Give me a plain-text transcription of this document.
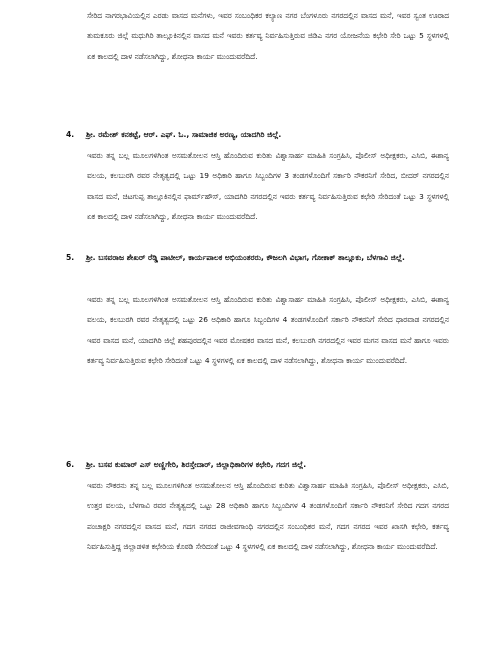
ಸೇರಿದ ನಾಗರಭಾವಿಯಲ್ಲಿನ ಎರಡು ವಾಸದ ಮನೆಗಳು, ಇವರ ಸಂಬಂಧಿಕರ ಕಲ್ಯಾಣ ನಗರ ಬೆಂಗಳೂರು ನಗರದಲ್ಲಿನ ವಾಸದ ಮನೆ, ಇವರ ಸ್ವಂತ ಊರಾದ ತುಮಕೂರು ಜಿಲ್ಲೆ ಮಧುಗಿರಿ ತಾಲ್ಲೂಕಿನಲ್ಲಿನ ವಾಸದ ಮನೆ ಇವರು ಕರ್ತವ್ಯ ನಿರ್ವಹಿಸುತ್ತಿರುವ ಜಿಡಿಎ ನಗರ ಯೋಜನೆಯ ಕಛೇರಿ ಸೇರಿ ಒಟ್ಟು 5 ಸ್ಥಳಗಳಲ್ಲಿ ಏಕ ಕಾಲದಲ್ಲಿ ದಾಳ ನಡೆಸಲಾಗಿದ್ದು, ಶೋಧನಾ ಕಾರ್ಯ ಮುಂದುವರೆದಿದೆ.

4. ಶ್ರೀ. ರಮೇಶ್ ಕನಕಟ್ಟೆ, ಆರ್. ಎಫ್. ಓ., ಸಾಮಾಜಿಕ ಅರಣ್ಯ, ಯಾದಗಿರಿ ಜಿಲ್ಲೆ.

ಇವರು ತನ್ನ ಬಲ್ಲ ಮೂಲಗಳಿಗಿಂತ ಅಸಮತೋಲನ ಆಸ್ತಿ ಹೊಂದಿರುವ ಕುರಿತು ವಿಶ್ವಾಸಾರ್ಹ ಮಾಹಿತಿ ಸಂಗ್ರಹಿಸಿ, ಪೊಲೀಸ್ ಅಧೀಕ್ಷಕರು, ಎಸಿಬಿ, ಈಶಾನ್ಯ ವಲಯ, ಕಲಬುರಗಿ ರವರ ನೇತೃತ್ವದಲ್ಲಿ ಒಟ್ಟು 19 ಅಧಿಕಾರಿ ಹಾಗೂ ಸಿಬ್ಬಂದಿಗಳ 3 ತಂಡಗಳೊಂದಿಗೆ ಸರ್ಕಾರಿ ನೌಕರನಿಗೆ ಸೇರಿದ, ಬೀದರ್ ನಗರದಲ್ಲಿನ ವಾಸದ ಮನೆ, ಚಿಟಗುಪ್ಪ ತಾಲ್ಲೂಕಿನಲ್ಲಿನ ಫಾರ್ಮ್‌ಹೌಸ್, ಯಾದಗಿರಿ ನಗರದಲ್ಲಿನ ಇವರು ಕರ್ತವ್ಯ ನಿರ್ವಹಿಸುತ್ತಿರುವ ಕಛೇರಿ ಸೇರಿದಂತೆ ಒಟ್ಟು 3 ಸ್ಥಳಗಳಲ್ಲಿ ಏಕ ಕಾಲದಲ್ಲಿ ದಾಳ ನಡೆಸಲಾಗಿದ್ದು, ಶೋಧನಾ ಕಾರ್ಯ ಮುಂದುವರೆದಿದೆ.

5. ಶ್ರೀ. ಬಸವರಾಜ ಶೇಖರ್ ರೆಡ್ಡಿ ಪಾಟೀಲ್, ಕಾರ್ಯಪಾಲಕ ಅಭಿಯಂತರರು, ಕೌಜಲಗಿ ವಿಭಾಗ, ಗೋಕಾಕ್ ತಾಲ್ಲೂಕು, ಬೆಳಗಾವಿ ಜಿಲ್ಲೆ.

ಇವರು ತನ್ನ ಬಲ್ಲ ಮೂಲಗಳಿಗಿಂತ ಅಸಮತೋಲನ ಆಸ್ತಿ ಹೊಂದಿರುವ ಕುರಿತು ವಿಶ್ವಾಸಾರ್ಹ ಮಾಹಿತಿ ಸಂಗ್ರಹಿಸಿ, ಪೊಲೀಸ್ ಅಧೀಕ್ಷಕರು, ಎಸಿಬಿ, ಈಶಾನ್ಯ ವಲಯ, ಕಲಬುರಗಿ ರವರ ನೇತೃತ್ವದಲ್ಲಿ ಒಟ್ಟು 26 ಅಧಿಕಾರಿ ಹಾಗೂ ಸಿಬ್ಬಂದಿಗಳ 4 ತಂಡಗಳೊಂದಿಗೆ ಸರ್ಕಾರಿ ನೌಕರನಿಗೆ ಸೇರಿದ ಧಾರವಾಡ ನಗರದಲ್ಲಿನ ಇವರ ವಾಸದ ಮನೆ, ಯಾದಗಿರಿ ಜಿಲ್ಲೆ ಶಹಪುರದಲ್ಲಿನ ಇವರ ಮೋಷಕರ ವಾಸದ ಮನೆ, ಕಲಬುರಗಿ ನಗರದಲ್ಲಿನ ಇವರ ಮಗನ ವಾಸದ ಮನೆ ಹಾಗೂ ಇವರು ಕರ್ತವ್ಯ ನಿರ್ವಹಿಸುತ್ತಿರುವ ಕಛೇರಿ ಸೇರಿದಂತೆ ಒಟ್ಟು 4 ಸ್ಥಳಗಳಲ್ಲಿ ಏಕ ಕಾಲದಲ್ಲಿ ದಾಳ ನಡೆಸಲಾಗಿದ್ದು, ಶೋಧನಾ ಕಾರ್ಯ ಮುಂದುವರೆದಿದೆ.

6. ಶ್ರೀ. ಬಸವ ಕುಮಾರ್ ಎಸ್ ಅಣ್ಣಿಗೇರಿ, ಶಿರಸ್ತೇದಾರ್, ಜಿಲ್ಲಾಧಿಕಾರಿಗಳ ಕಛೇರಿ, ಗದಗ ಜಿಲ್ಲೆ.

ಇವರು ನೌಕರನು ತನ್ನ ಬಲ್ಲ ಮೂಲಗಳಿಗಿಂತ ಅಸಮತೋಲನ ಆಸ್ತಿ ಹೊಂದಿರುವ ಕುರಿತು ವಿಶ್ವಾಸಾರ್ಹ ಮಾಹಿತಿ ಸಂಗ್ರಹಿಸಿ, ಪೊಲೀಸ್ ಅಧೀಕ್ಷಕರು, ಎಸಿಬಿ, ಉತ್ತರ ವಲಯ, ಬೆಳಗಾವಿ ರವರ ನೇತೃತ್ವದಲ್ಲಿ ಒಟ್ಟು 28 ಅಧಿಕಾರಿ ಹಾಗೂ ಸಿಬ್ಬಂದಿಗಳ 4 ತಂಡಗಳೊಂದಿಗೆ ಸರ್ಕಾರಿ ನೌಕರನಿಗೆ ಸೇರಿದ ಗದಗ ನಗರದ ಪಂಚಾಕ್ಷರಿ ನಗರದಲ್ಲಿನ ವಾಸದ ಮನೆ, ಗದಗ ನಗರದ ರಾಜೀವಗಾಂಧಿ ನಗರದಲ್ಲಿನ ಸಂಬಂಧಿಕರ ಮನೆ, ಗದಗ ನಗರದ ಇವರ ಖಾಸಗಿ ಕಛೇರಿ, ಕರ್ತವ್ಯ ನಿರ್ವಹಿಸುತ್ತಿದ್ದ ಜಿಲ್ಲಾಡಳಿತ ಕಛೇರಿಯ ಕೊಠಡಿ ಸೇರಿದಂತೆ ಒಟ್ಟು 4 ಸ್ಥಳಗಳಲ್ಲಿ ಏಕ ಕಾಲದಲ್ಲಿ ದಾಳ ನಡೆಸಲಾಗಿದ್ದು, ಶೋಧನಾ ಕಾರ್ಯ ಮುಂದುವರೆದಿದೆ.
